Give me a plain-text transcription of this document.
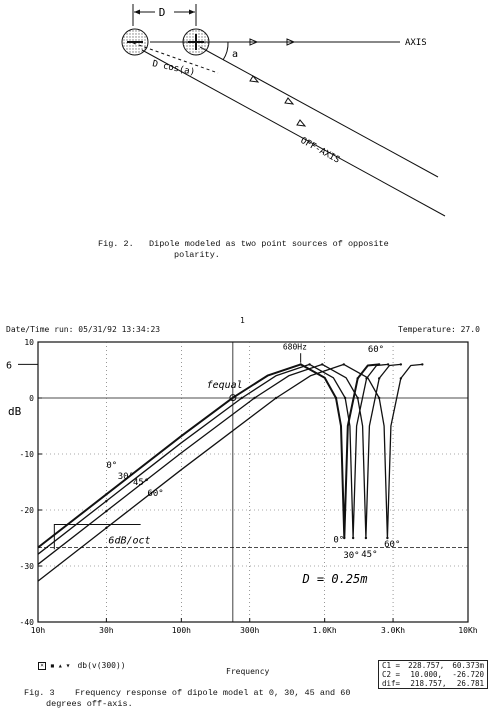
D
AXIS
OFF-AXIS
a
D cos(a)
Fig. 2.   Dipole modeled as two point sources of opposite
polarity.
1
Date/Time run: 05/31/92 13:34:23	Temperature: 27.0
10
0
-10
-20
-30
-40
10h	30h	100h	300h	1.0Kh	3.0Kh	10Kh
dB
6
680Hz	60°
fequal
0°
30°
45°
60°
0°
30° 45°
60°
6dB/oct
D = 0.25m
Frequency
× ▪▴▾ db(v(300))	C1 = 228.757, 60.373m
C2 = 10.000, -26.720
dif= 218.757, 26.781
Fig. 3    Frequency response of dipole model at 0, 30, 45 and 60
degrees off-axis.
